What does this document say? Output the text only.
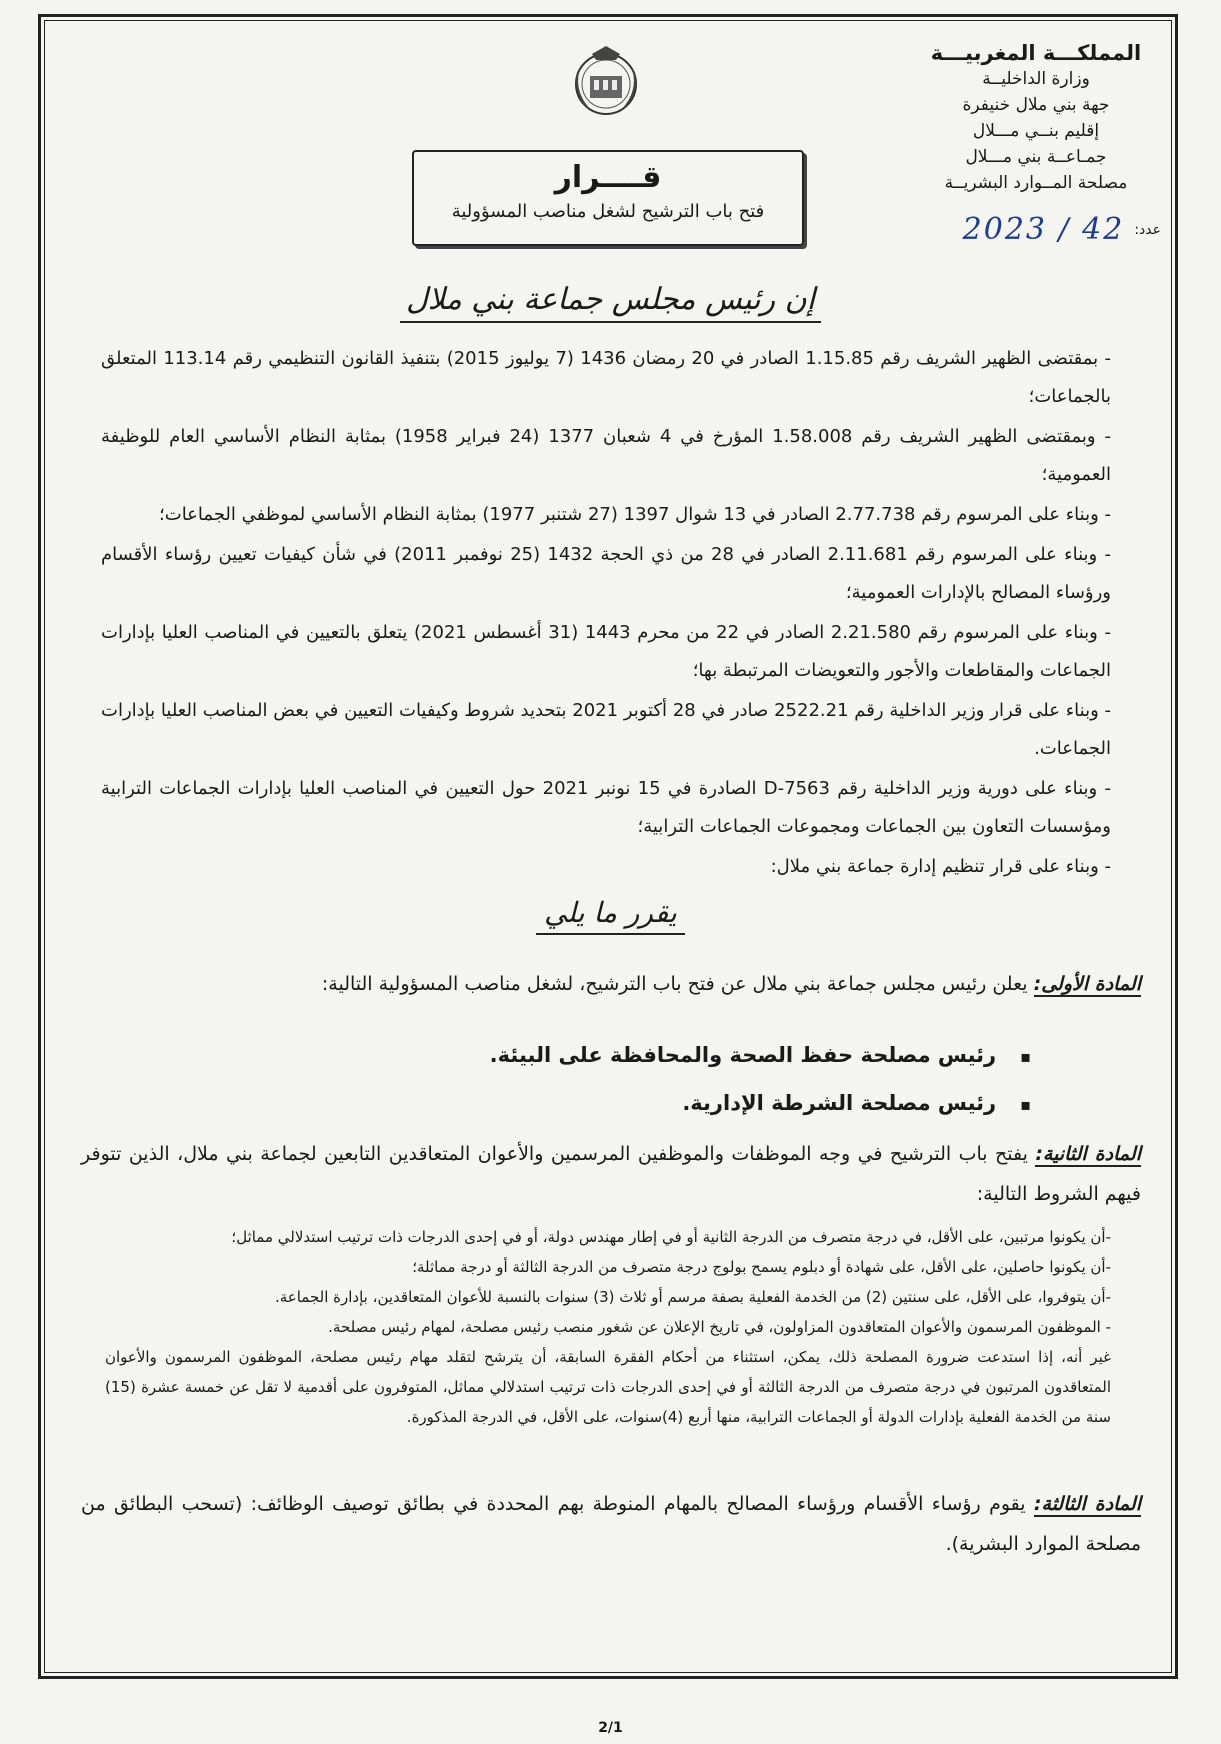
المملكـــة المغربيـــة
وزارة الداخليــة
جهة بني ملال خنيفرة
إقليم بنــي مـــلال
جمـاعــة بني مـــلال
مصلحة المــوارد البشريــة
عدد:
2023 / 42
قــــرار
فتح باب الترشيح لشغل مناصب المسؤولية
إن رئيس مجلس جماعة بني ملال

- بمقتضى الظهير الشريف رقم 1.15.85 الصادر في 20 رمضان 1436 (7 يوليوز 2015) بتنفيذ القانون التنظيمي رقم 113.14 المتعلق بالجماعات؛

- وبمقتضى الظهير الشريف رقم 1.58.008 المؤرخ في 4 شعبان 1377 (24 فبراير 1958) بمثابة النظام الأساسي العام للوظيفة العمومية؛

- وبناء على المرسوم رقم 2.77.738 الصادر في 13 شوال 1397 (27 شتنبر 1977) بمثابة النظام الأساسي لموظفي الجماعات؛

- وبناء على المرسوم رقم 2.11.681 الصادر في 28 من ذي الحجة 1432 (25 نوفمبر 2011) في شأن كيفيات تعيين رؤساء الأقسام ورؤساء المصالح بالإدارات العمومية؛

- وبناء على المرسوم رقم 2.21.580 الصادر في 22 من محرم 1443 (31 أغسطس 2021) يتعلق بالتعيين في المناصب العليا بإدارات الجماعات والمقاطعات والأجور والتعويضات المرتبطة بها؛

- وبناء على قرار وزير الداخلية رقم 2522.21 صادر في 28 أكتوبر 2021 بتحديد شروط وكيفيات التعيين في بعض المناصب العليا بإدارات الجماعات.

- وبناء على دورية وزير الداخلية رقم D-7563 الصادرة في 15 نونبر 2021 حول التعيين في المناصب العليا بإدارات الجماعات الترابية ومؤسسات التعاون بين الجماعات ومجموعات الجماعات الترابية؛

- وبناء على قرار تنظيم إدارة جماعة بني ملال:

يقرر ما يلي
المادة الأولى: يعلن رئيس مجلس جماعة بني ملال عن فتح باب الترشيح، لشغل مناصب المسؤولية التالية:
▪ رئيس مصلحة حفظ الصحة والمحافظة على البيئة.
▪ رئيس مصلحة الشرطة الإدارية.
المادة الثانية: يفتح باب الترشيح في وجه الموظفات والموظفين المرسمين والأعوان المتعاقدين التابعين لجماعة بني ملال، الذين تتوفر فيهم الشروط التالية:

-أن يكونوا مرتبين، على الأقل، في درجة متصرف من الدرجة الثانية أو في إطار مهندس دولة، أو في إحدى الدرجات ذات ترتيب استدلالي مماثل؛

-أن يكونوا حاصلين، على الأقل، على شهادة أو دبلوم يسمح بولوج درجة متصرف من الدرجة الثالثة أو درجة مماثلة؛

-أن يتوفروا، على الأقل، على سنتين (2) من الخدمة الفعلية بصفة مرسم أو ثلاث (3) سنوات بالنسبة للأعوان المتعاقدين، بإدارة الجماعة.

- الموظفون المرسمون والأعوان المتعاقدون المزاولون، في تاريخ الإعلان عن شغور منصب رئيس مصلحة، لمهام رئيس مصلحة.

غير أنه، إذا استدعت ضرورة المصلحة ذلك، يمكن، استثناء من أحكام الفقرة السابقة، أن يترشح لتقلد مهام رئيس مصلحة، الموظفون المرسمون والأعوان المتعاقدون المرتبون في درجة متصرف من الدرجة الثالثة أو في إحدى الدرجات ذات ترتيب استدلالي مماثل، المتوفرون على أقدمية لا تقل عن خمسة عشرة (15) سنة من الخدمة الفعلية بإدارات الدولة أو الجماعات الترابية، منها أربع (4)سنوات، على الأقل، في الدرجة المذكورة.

المادة الثالثة: يقوم رؤساء الأقسام ورؤساء المصالح بالمهام المنوطة بهم المحددة في بطائق توصيف الوظائف: (تسحب البطائق من مصلحة الموارد البشرية).
2/1
